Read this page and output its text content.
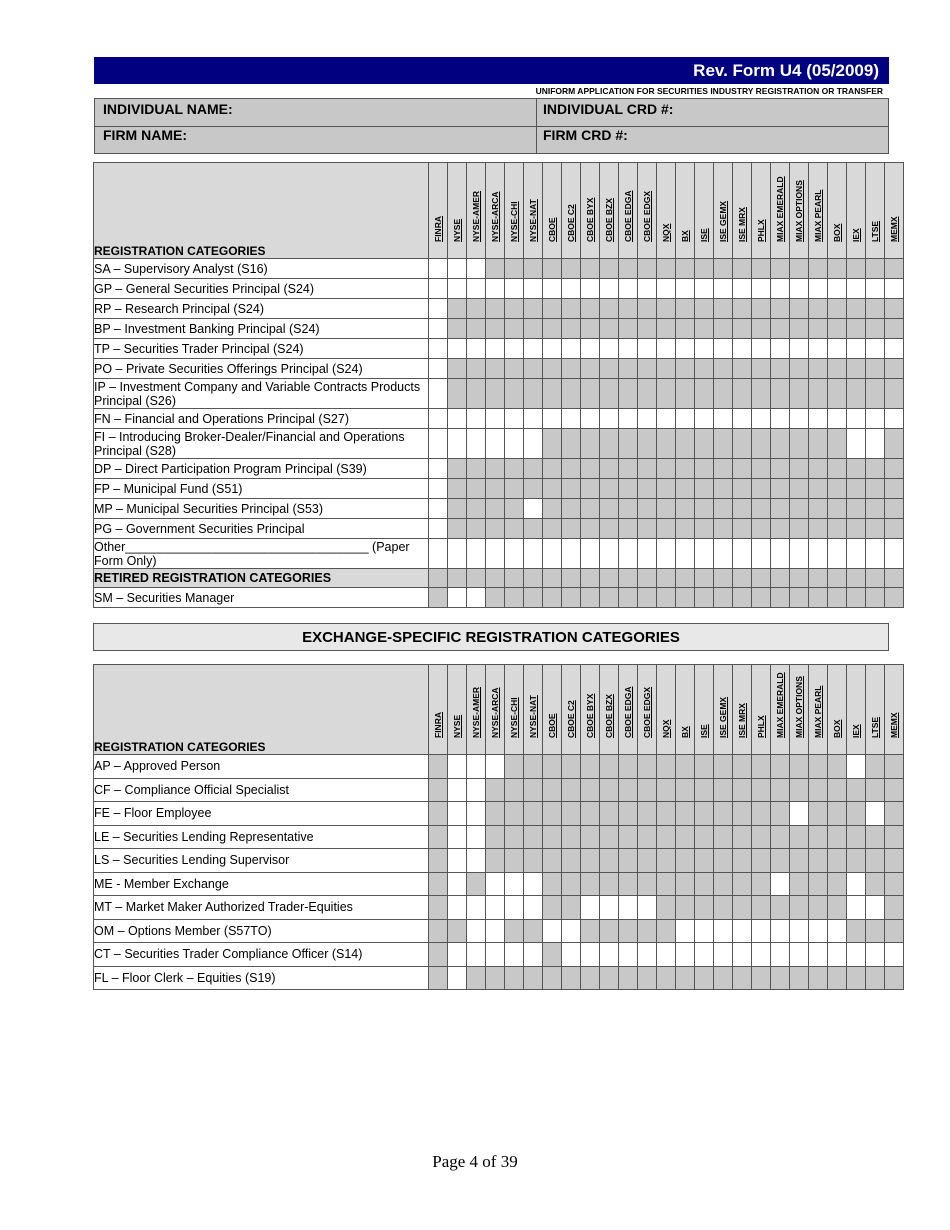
Rev. Form U4 (05/2009)
UNIFORM APPLICATION FOR SECURITIES INDUSTRY REGISTRATION OR TRANSFER
INDIVIDUAL NAME:	INDIVIDUAL CRD #:
FIRM NAME:	FIRM CRD #:
REGISTRATION CATEGORIES	FINRA	NYSE	NYSE-AMER	NYSE-ARCA	NYSE-CHI	NYSE-NAT	CBOE	CBOE C2	CBOE BYX	CBOE BZX	CBOE EDGA	CBOE EDGX	NQX	BX	ISE	ISE GEMX	ISE MRX	PHLX	MIAX EMERALD	MIAX OPTIONS	MIAX PEARL	BOX	IEX	LTSE	MEMX

SA – Supervisory Analyst (S16)																									
GP – General Securities Principal (S24)																									
RP – Research Principal (S24)																									
BP – Investment Banking Principal (S24)																									
TP – Securities Trader Principal (S24)																									
PO – Private Securities Offerings Principal (S24)																									
IP – Investment Company and Variable Contracts Products Principal (S26)																									
FN – Financial and Operations Principal (S27)																									
FI – Introducing Broker-Dealer/Financial and Operations Principal (S28)																									
DP – Direct Participation Program Principal (S39)																									
FP – Municipal Fund (S51)																									
MP – Municipal Securities Principal (S53)																									
PG – Government Securities Principal																									
Other___________________________________ (Paper Form Only)																									
RETIRED REGISTRATION CATEGORIES																									
SM – Securities Manager																									
EXCHANGE-SPECIFIC REGISTRATION CATEGORIES
REGISTRATION CATEGORIES	FINRA	NYSE	NYSE-AMER	NYSE-ARCA	NYSE-CHI	NYSE-NAT	CBOE	CBOE C2	CBOE BYX	CBOE BZX	CBOE EDGA	CBOE EDGX	NQX	BX	ISE	ISE GEMX	ISE MRX	PHLX	MIAX EMERALD	MIAX OPTIONS	MIAX PEARL	BOX	IEX	LTSE	MEMX

AP – Approved Person																									
CF – Compliance Official Specialist																									
FE – Floor Employee																									
LE – Securities Lending Representative																									
LS – Securities Lending Supervisor																									
ME - Member Exchange																									
MT – Market Maker Authorized Trader-Equities																									
OM – Options Member (S57TO)																									
CT – Securities Trader Compliance Officer (S14)																									
FL – Floor Clerk – Equities (S19)																									
Page 4 of 39
